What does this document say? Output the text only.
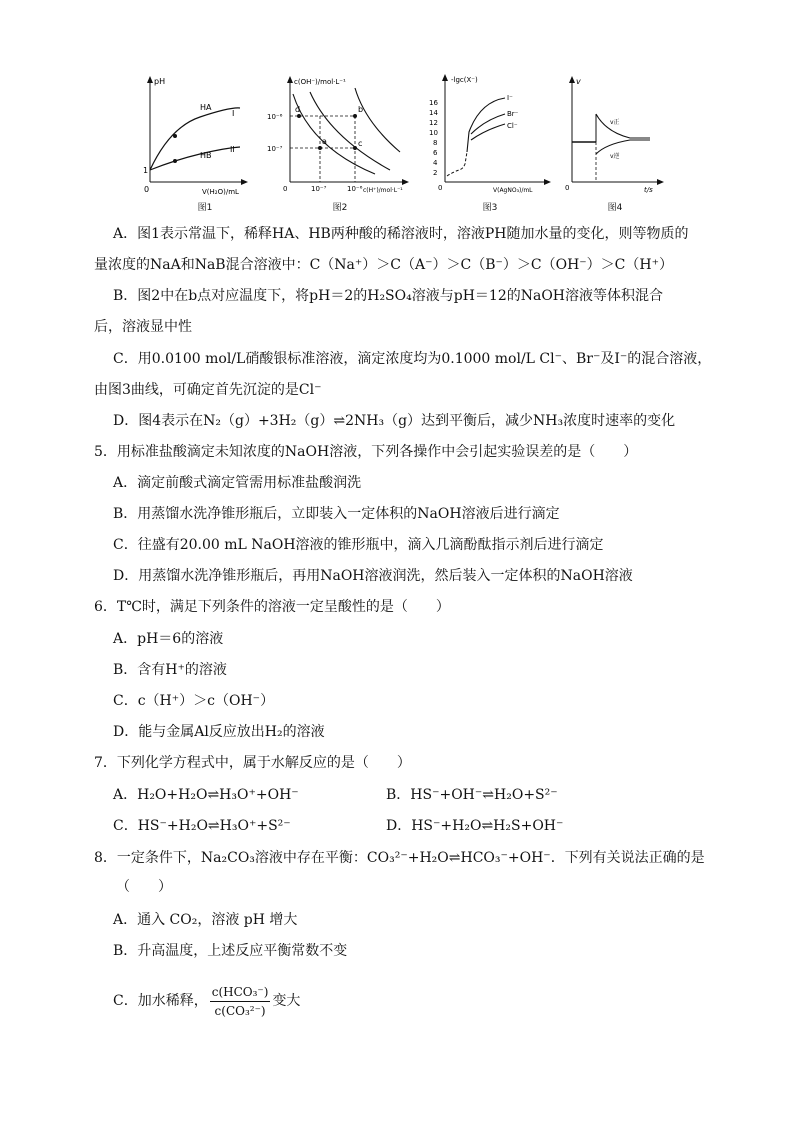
pH
HA
HB
I
II
1
0	V(H₂O)/mL
图1
c(OH⁻)/mol·L⁻¹
d	b
a	c
10⁻⁶
10⁻⁷
10⁻⁷	10⁻⁶
0	c(H⁺)/mol·L⁻¹
图2
16
14
12
10
8
6
4
2
-lgc(X⁻)
I⁻
Br⁻
Cl⁻
0	V(AgNO₃)/mL
图3
v
v正
v逆
0	t/s
图4
A．图1表示常温下，稀释HA、HB两种酸的稀溶液时，溶液PH随加水量的变化，则等物质的
量浓度的NaA和NaB混合溶液中：C（Na⁺）＞C（A⁻）＞C（B⁻）＞C（OH⁻）＞C（H⁺）
B．图2中在b点对应温度下，将pH＝2的H₂SO₄溶液与pH＝12的NaOH溶液等体积混合
后，溶液显中性
C．用0.0100 mol/L硝酸银标准溶液，滴定浓度均为0.1000 mol/L Cl⁻、Br⁻及I⁻的混合溶液，
由图3曲线，可确定首先沉淀的是Cl⁻
D．图4表示在N₂（g）+3H₂（g）⇌2NH₃（g）达到平衡后，减少NH₃浓度时速率的变化
5．用标准盐酸滴定未知浓度的NaOH溶液，下列各操作中会引起实验误差的是（　　）
A．滴定前酸式滴定管需用标准盐酸润洗
B．用蒸馏水洗净锥形瓶后，立即装入一定体积的NaOH溶液后进行滴定
C．往盛有20.00 mL NaOH溶液的锥形瓶中，滴入几滴酚酞指示剂后进行滴定
D．用蒸馏水洗净锥形瓶后，再用NaOH溶液润洗，然后装入一定体积的NaOH溶液
6．T℃时，满足下列条件的溶液一定呈酸性的是（　　）
A．pH＝6的溶液
B．含有H⁺的溶液
C．c（H⁺）＞c（OH⁻）
D．能与金属Al反应放出H₂的溶液
7．下列化学方程式中，属于水解反应的是（　　）
A．H₂O+H₂O⇌H₃O⁺+OH⁻	B．HS⁻+OH⁻⇌H₂O+S²⁻
C．HS⁻+H₂O⇌H₃O⁺+S²⁻	D．HS⁻+H₂O⇌H₂S+OH⁻
8．一定条件下，Na₂CO₃溶液中存在平衡：CO₃²⁻+H₂O⇌HCO₃⁻+OH⁻．下列有关说法正确的是
（　　）
A．通入 CO₂，溶液 pH 增大
B．升高温度，上述反应平衡常数不变
C．加水稀释， $\frac{\text{c(HCO₃⁻)}}{\text{c(CO₃²⁻)}}$ 变大
